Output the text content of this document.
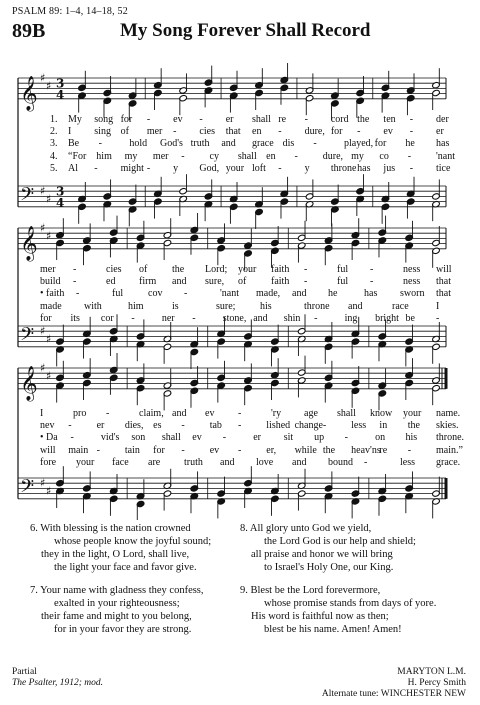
PSALM 89: 1–4, 14–18, 52
89B	My Song Forever Shall Record
𝄞
𝄢
♯
♯
♯
♯
3
4
3
4
𝄞
𝄢
♯
♯
♯
♯
𝄞
𝄢
♯
♯
♯
♯
1. My song for - ev - er shall re - cord the ten - der
2. I sing of mer - cies that en - dure, for - ev - er
3. Be -	hold God's truth and grace dis -	played, for he has
4. “For him my mer - cy shall en - dure, my co - 'nant
5. Al - might - y God, your loft - y throne has jus - tice
mer -	cies of the Lord; your faith -	ful -	ness will
build -	ed firm and sure, of faith -	ful -	ness that
• faith -	ful cov -	'nant made, and he	has sworn that
made with	him	is	sure; his	throne and	race	I
for its cor -	ner -	stone, and shin -	ing bright be -
I	pro -	claim, and ev -	'ry age shall know your name.
nev - er dies, es - tab - lished change - less in the skies.
• Da -	vid's son shall ev -	er sit up -	on his throne.
will main - tain for - ev - er, while the heav'ns
re - main.”
fore your face are truth and love and bound -	less grace.
6. With blessing is the nation crowned
whose people know the joyful sound;
they in the light, O Lord, shall live,
the light your face and favor give.
7. Your name with gladness they confess,
exalted in your righteousness;
their fame and might to you belong,
for in your favor they are strong.
8. All glory unto God we yield,
the Lord God is our help and shield;
all praise and honor we will bring
to Israel's Holy One, our King.
9. Blest be the Lord forevermore,
whose promise stands from days of yore.
His word is faithful now as then;
blest be his name. Amen! Amen!
Partial
The Psalter, 1912; mod.
MARYTON L.M.
H. Percy Smith
Alternate tune: WINCHESTER NEW
